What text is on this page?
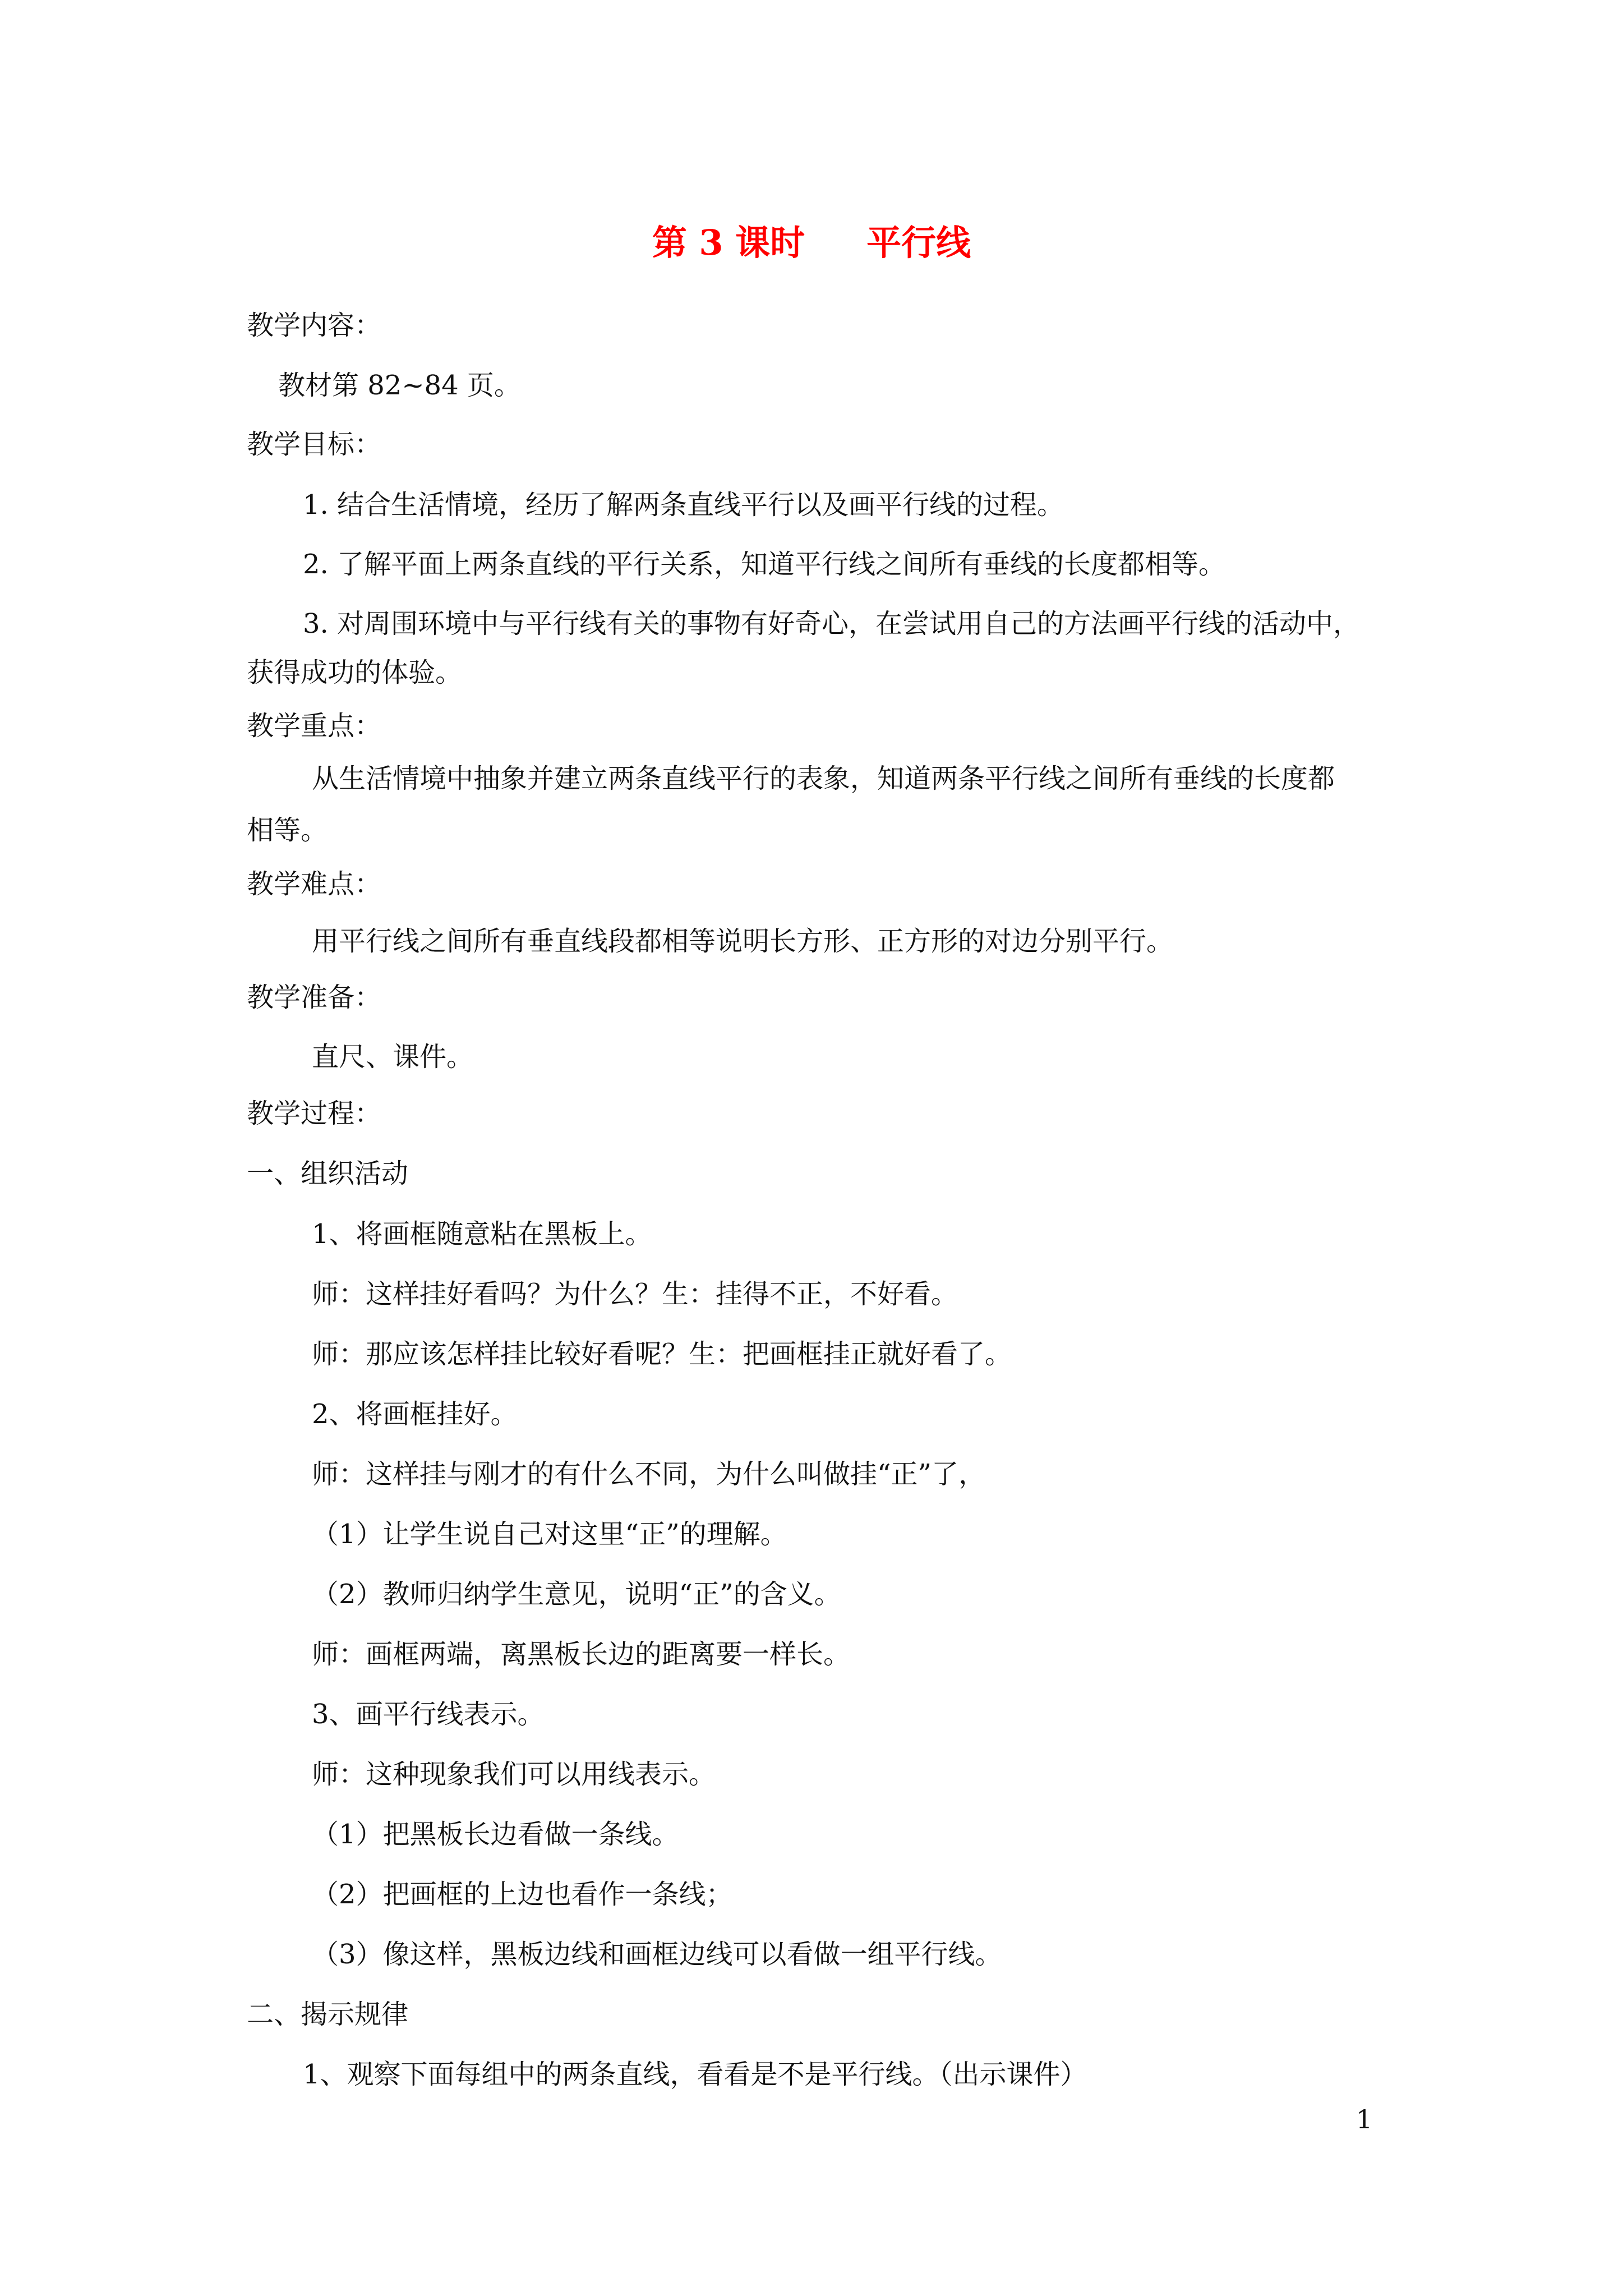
第 3 课时 平行线
教学内容：
教材第 82~84 页。
教学目标：
1. 结合生活情境，经历了解两条直线平行以及画平行线的过程。
2. 了解平面上两条直线的平行关系，知道平行线之间所有垂线的长度都相等。
3. 对周围环境中与平行线有关的事物有好奇心，在尝试用自己的方法画平行线的活动中，
获得成功的体验。
教学重点：
从生活情境中抽象并建立两条直线平行的表象，知道两条平行线之间所有垂线的长度都
相等。
教学难点：
用平行线之间所有垂直线段都相等说明长方形、正方形的对边分别平行。
教学准备：
直尺、课件。
教学过程：
一、组织活动
1、将画框随意粘在黑板上。
师：这样挂好看吗？为什么？生：挂得不正，不好看。
师：那应该怎样挂比较好看呢？生：把画框挂正就好看了。
2、将画框挂好。
师：这样挂与刚才的有什么不同，为什么叫做挂“正”了，
（1）让学生说自己对这里“正”的理解。
（2）教师归纳学生意见，说明“正”的含义。
师：画框两端，离黑板长边的距离要一样长。
3、画平行线表示。
师：这种现象我们可以用线表示。
（1）把黑板长边看做一条线。
（2）把画框的上边也看作一条线；
（3）像这样，黑板边线和画框边线可以看做一组平行线。
二、揭示规律
1、观察下面每组中的两条直线，看看是不是平行线。（出示课件）
1
